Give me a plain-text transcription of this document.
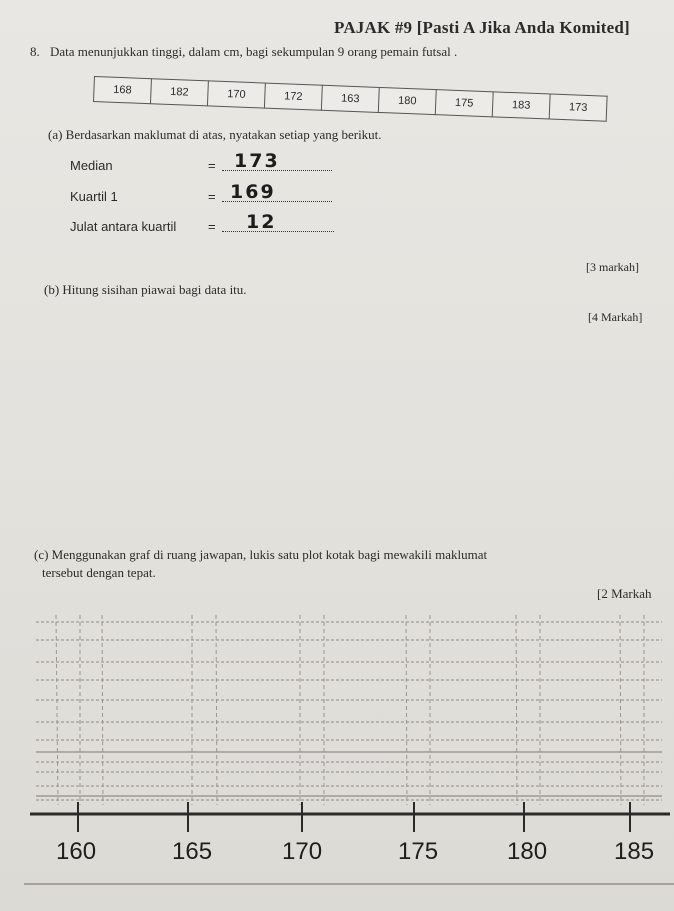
PAJAK #9 [Pasti A Jika Anda Komited]
8. Data menunjukkan tinggi, dalam cm, bagi sekumpulan 9 orang pemain futsal .
168	182	170	172	163	180	175	183	173
(a) Berdasarkan maklumat di atas, nyatakan setiap yang berikut.
Median	= 173
Kuartil 1	= 169
Julat antara kuartil = 12
[3 markah]
(b) Hitung sisihan piawai bagi data itu.
[4 Markah]
(c) Menggunakan graf di ruang jawapan, lukis satu plot kotak bagi mewakili maklumat
tersebut dengan tepat.
[2 Markah
160	165	170	175	180	185
